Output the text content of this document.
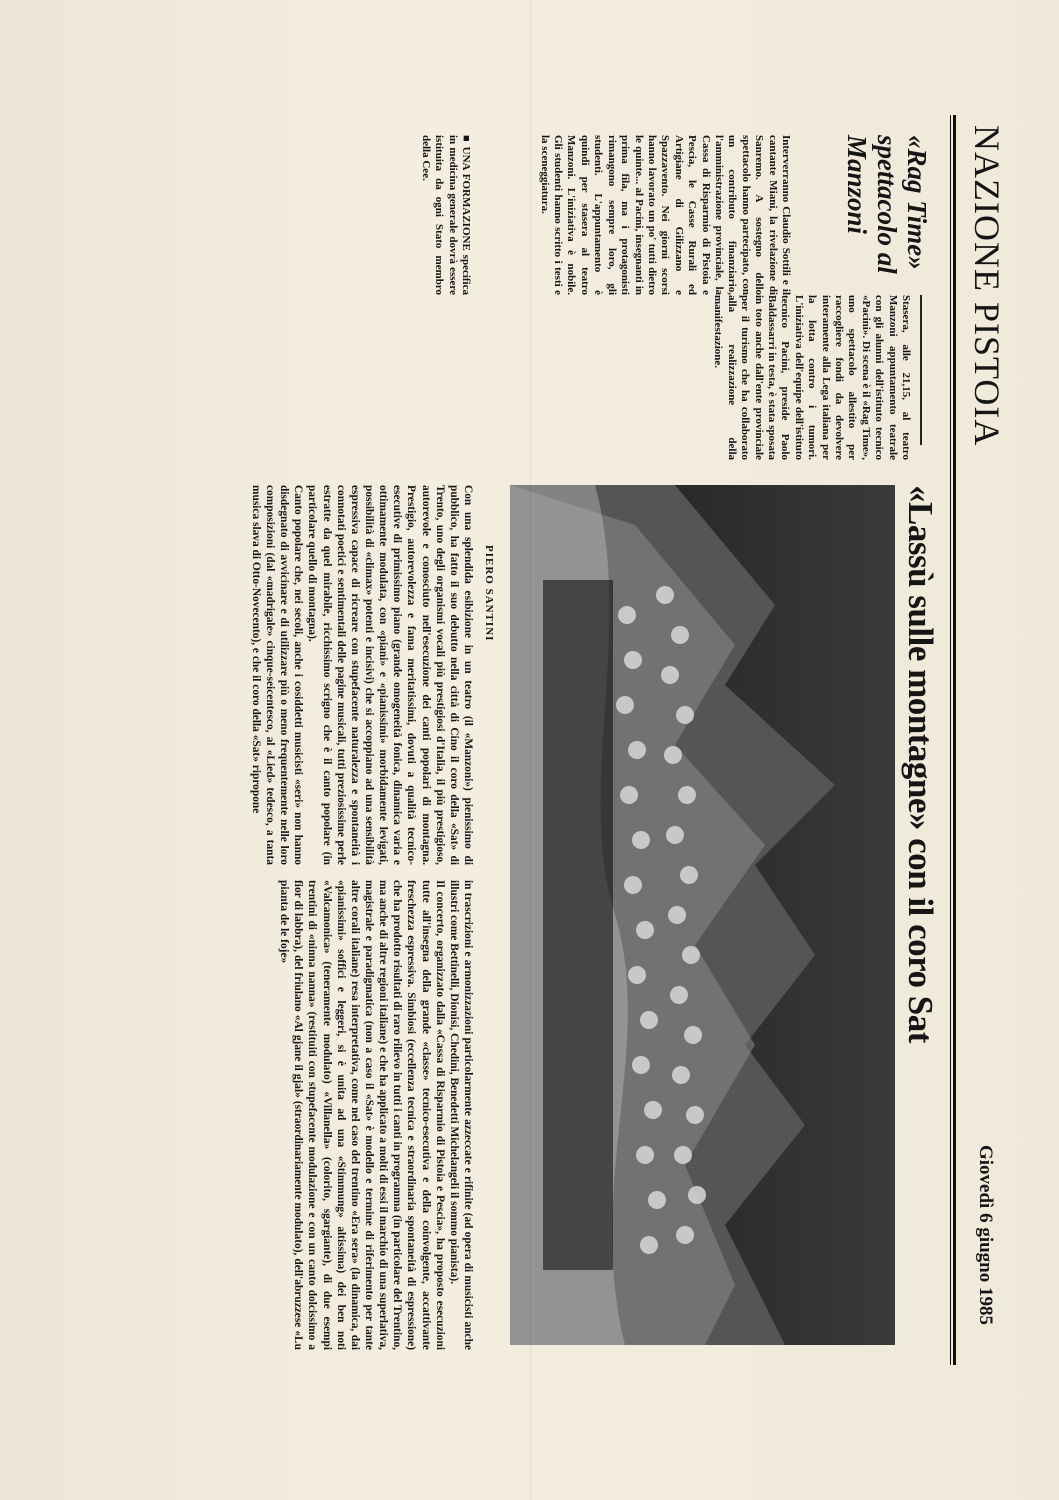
NAZIONE PISTOIA
Giovedì 6 giugno 1985
«Rag Time» spettacolo al Manzoni
Stasera, alle 21,15, al teatro Manzoni appuntamento teatrale con gli alunni dell'istituto tecnico «Pacini». Di scena è il «Rag Time», uno spettacolo allestito per raccogliere fondi da devolvere interamente alla Lega italiana per la lotta contro i tumori. L'iniziativa dell'equipe dell'istituto tecnico Pacini, preside Paolo Baldassarri in testa, è stata sposata in toto anche dall'ente provinciale per il turismo che ha collaborato alla realizzazione della manifestazione.
Interverranno Claudio Sottili e il cantante Miani, la rivelazione di Sanremo. A sostegno dello spettacolo hanno partecipato, con un contributo finanziario, l'amministrazione provinciale, la Cassa di Risparmio di Pistoia e Pescia, le Casse Rurali ed Artigiane di Gilizzano e Spazzavento. Nei giorni scorsi hanno lavorato un po' tutti dietro le quinte... al Pacini, insegnanti in prima fila, ma i protagonisti rimangono sempre loro, gli studenti. L'appuntamento è quindi per stasera al teatro Manzoni. L'iniziativa è nobile. Gli studenti hanno scritto i testi e la sceneggiatura.
■ UNA FORMAZIONE specifica in medicina generale dovrà essere istituita da ogni Stato membro della Cee.
«Lassù sulle montagne» con il coro Sat
PIERO SANTINI
Con una splendida esibizione in un teatro (il «Manzoni») pienissimo di pubblico, ha fatto il suo debutto nella città di Cino il coro della «Sat» di Trento, uno degli organismi vocali più prestigiosi d'Italia, il più prestigioso, autorevole e conosciuto nell'esecuzione dei canti popolari di montagna. Prestigio, autorevolezza e fama meritatissimi, dovuti a qualità tecnico-esecutive di primissimo piano (grande omogeneità fonica, dinamica varia e ottimamente modulata, con «piani» e «pianissimi» morbidamente levigati, possibilità di «climax» potenti e incisivi) che si accoppiano ad una sensibilità espressiva capace di ricreare con stupefacente naturalezza e spontaneità i connotati poetici e sentimentali delle pagine musicali, tutti preziosissime perle estratte da quel mirabile, ricchissimo scrigno che è il canto popolare (in particolare quello di montagna).
Canto popolare che, nei secoli, anche i cosiddetti musicisti «seri» non hanno disdegnato di avvicinare e di utilizzare più o meno frequentemente nelle loro composizioni (dal «madrigale» cinque-seicentesco, al «Lied» tedesco, a tanta musica slava di Otto-Novecento), e che il coro della «Sat» ripropone
in trascrizioni e armonizzazioni particolarmente azzeccate e rifinite (ad opera di musicisti anche illustri come Bettinelli, Dionisi, Chedini, Benedetti Michelangeli il sommo pianista).
Il concerto, organizzato dalla «Cassa di Risparmio di Pistoia e Pescia», ha proposto esecuzioni tutte all'insegna della grande «classe» tecnico-esecutiva e della coinvolgente, accattivante freschezza espressiva. Simbiosi (eccellenza tecnica e straordinaria spontaneità di espressione) che ha prodotto risultati di raro rilievo in tutti i canti in programma (in particolare del Trentino, ma anche di altre regioni italiane) e che ha applicato a molti di essi il marchio di una superlativa, magistrale e paradigmatica (non a caso il «Sat» è modello e termine di riferimento per tante altre corali italiane) resa interpretativa, come nel caso del trentino «Era sera» (la dinamica, dai «pianissimi» soffici e leggeri, si è unita ad una «Stimmung» altissima) dei ben noti «Valcamonica» (teneramente modulato) «Villanella» (colorito, sgargiante), di due esempi trentini di «ninna nanna» (restituiti con stupefacente modulazione e con un canto dolcissimo a fior di labbra), del friulano «Al gjane il gjal» (straordinariamente modulato), dell'abruzzese «Lu pianta de le foje»
